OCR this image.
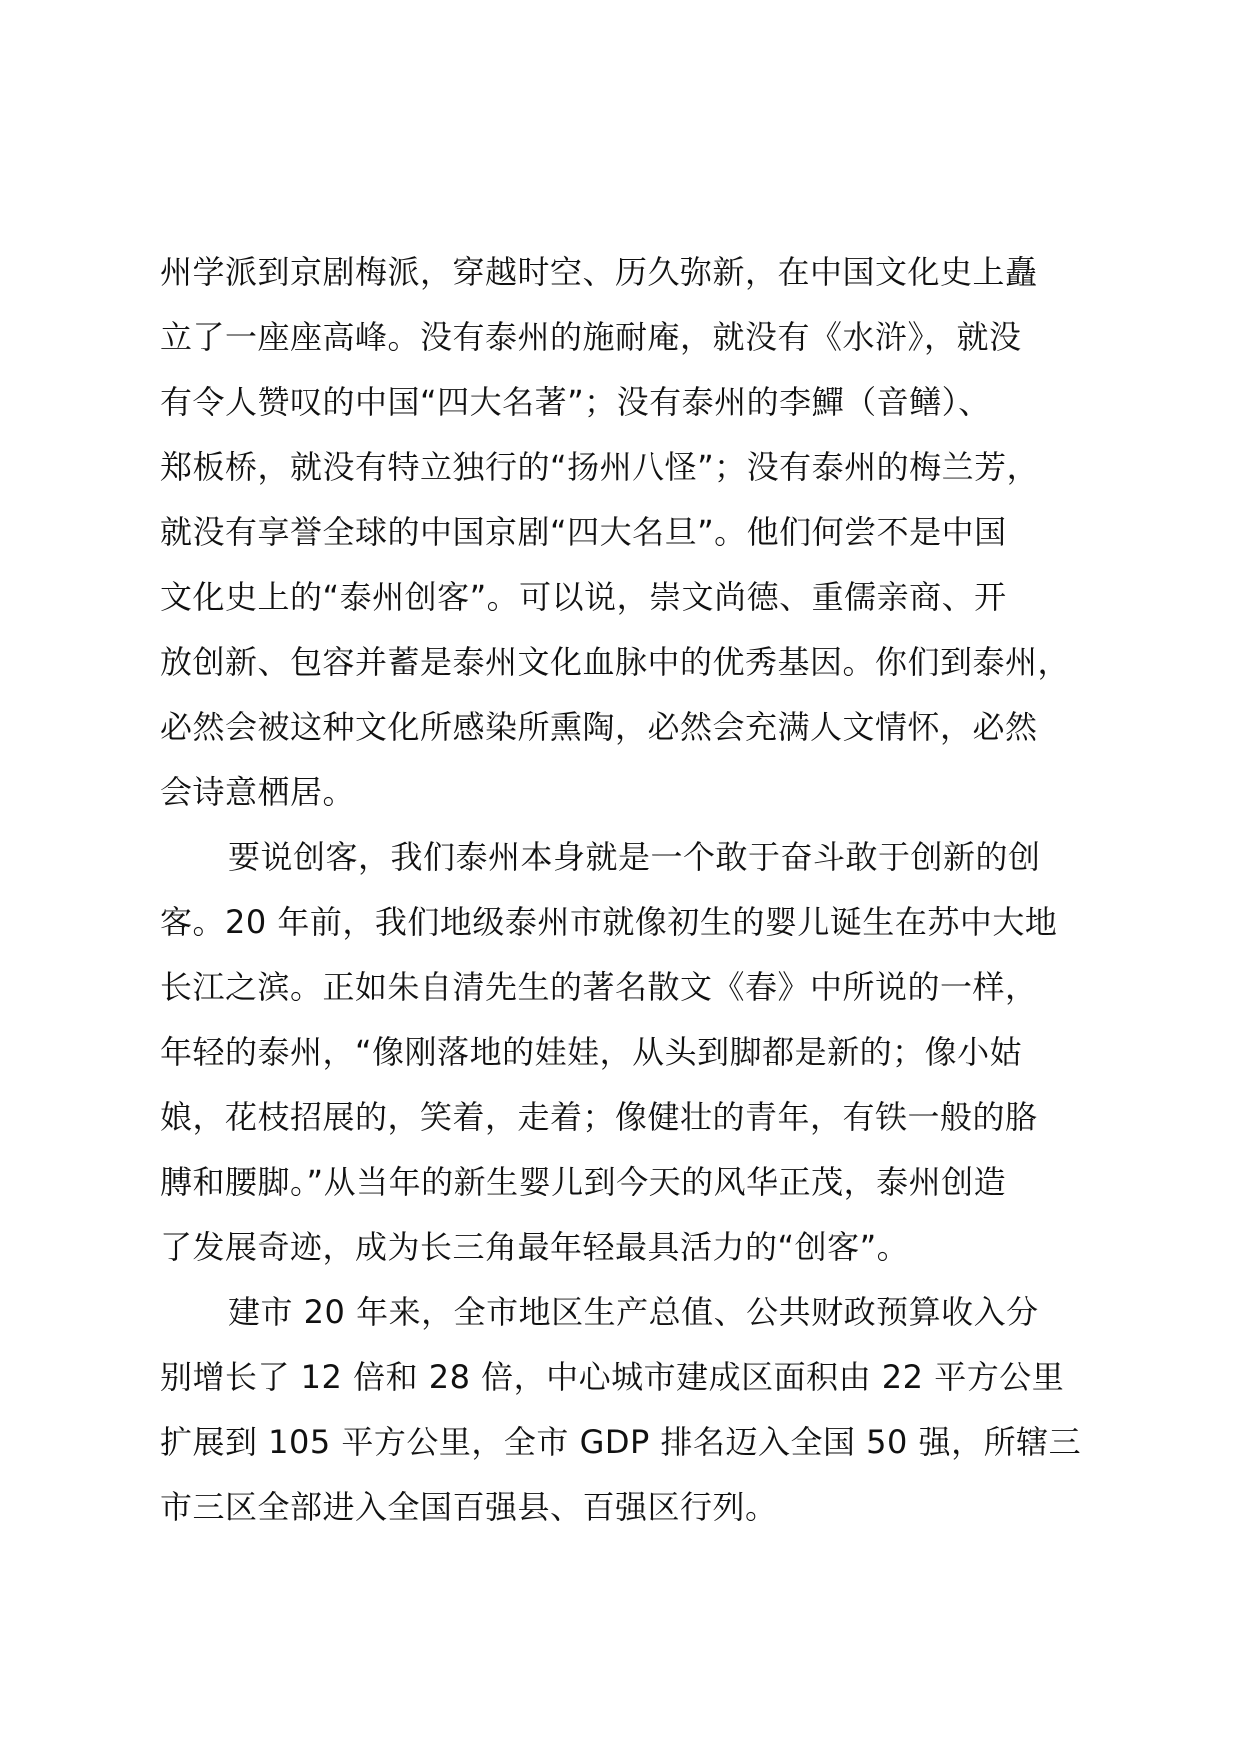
州学派到京剧梅派，穿越时空、历久弥新，在中国文化史上矗
立了一座座高峰。没有泰州的施耐庵，就没有《水浒》，就没
有令人赞叹的中国“四大名著”；没有泰州的李鱓（音鳝）、
郑板桥，就没有特立独行的“扬州八怪”；没有泰州的梅兰芳，
就没有享誉全球的中国京剧“四大名旦”。他们何尝不是中国
文化史上的“泰州创客”。可以说，崇文尚德、重儒亲商、开
放创新、包容并蓄是泰州文化血脉中的优秀基因。你们到泰州，
必然会被这种文化所感染所熏陶，必然会充满人文情怀，必然
会诗意栖居。
要说创客，我们泰州本身就是一个敢于奋斗敢于创新的创
客。20 年前，我们地级泰州市就像初生的婴儿诞生在苏中大地
长江之滨。正如朱自清先生的著名散文《春》中所说的一样，
年轻的泰州，“像刚落地的娃娃，从头到脚都是新的；像小姑
娘，花枝招展的，笑着，走着；像健壮的青年，有铁一般的胳
膊和腰脚。”从当年的新生婴儿到今天的风华正茂，泰州创造
了发展奇迹，成为长三角最年轻最具活力的“创客”。
建市 20 年来，全市地区生产总值、公共财政预算收入分
别增长了 12 倍和 28 倍，中心城市建成区面积由 22 平方公里
扩展到 105 平方公里，全市 GDP 排名迈入全国 50 强，所辖三
市三区全部进入全国百强县、百强区行列。
